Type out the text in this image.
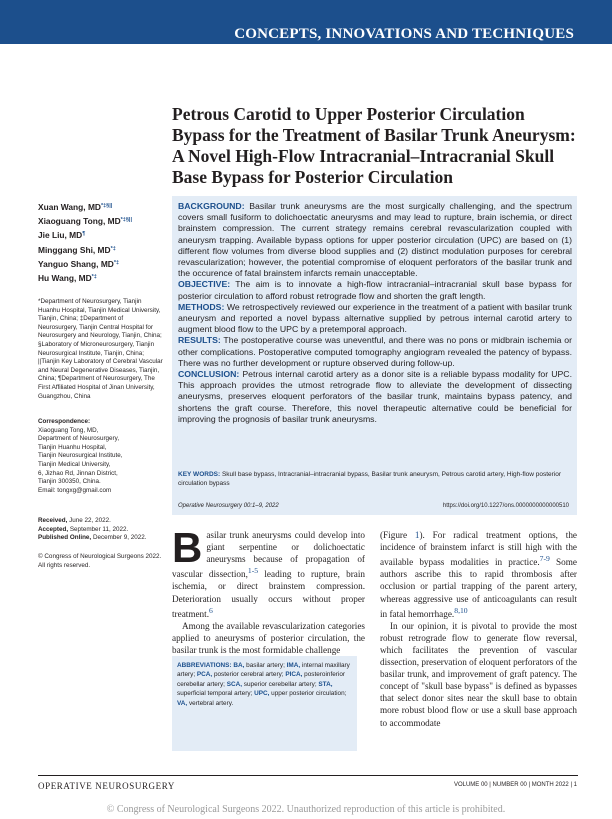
CONCEPTS, INNOVATIONS AND TECHNIQUES
Petrous Carotid to Upper Posterior Circulation Bypass for the Treatment of Basilar Trunk Aneurysm: A Novel High-Flow Intracranial–Intracranial Skull Base Bypass for Posterior Circulation
Xuan Wang, MD*‡§||
Xiaoguang Tong, MD*‡§||
Jie Liu, MD¶
Minggang Shi, MD*‡
Yanguo Shang, MD*‡
Hu Wang, MD*‡
*Department of Neurosurgery, Tianjin Huanhu Hospital, Tianjin Medical University, Tianjin, China; ‡Department of Neurosurgery, Tianjin Central Hospital for Neurosurgery and Neurology, Tianjin, China; §Laboratory of Microneurosurgery, Tianjin Neurosurgical Institute, Tianjin, China; ||Tianjin Key Laboratory of Cerebral Vascular and Neural Degenerative Diseases, Tianjin, China; ¶Department of Neurosurgery, The First Affiliated Hospital of Jinan University, Guangzhou, China
Correspondence:
Xiaoguang Tong, MD,
Department of Neurosurgery,
Tianjin Huanhu Hospital,
Tianjin Neurosurgical Institute,
Tianjin Medical University,
6, Jizhao Rd, Jinnan District,
Tianjin 300350, China.
Email: tongxg@gmail.com
Received, June 22, 2022.
Accepted, September 11, 2022.
Published Online, December 9, 2022.
© Congress of Neurological Surgeons 2022. All rights reserved.
BACKGROUND: Basilar trunk aneurysms are the most surgically challenging, and the spectrum covers small fusiform to dolichoectatic aneurysms and may lead to rupture, brain ischemia, or direct brainstem compression. The current strategy remains cerebral revascularization coupled with aneurysm trapping. Available bypass options for upper posterior circulation (UPC) are based on (1) different flow volumes from diverse blood supplies and (2) distinct modulation purposes for cerebral revascularization; however, the potential compromise of eloquent perforators of the basilar trunk and the occurence of fatal brainstem infarcts remain unacceptable.
OBJECTIVE: The aim is to innovate a high-flow intracranial–intracranial skull base bypass for posterior circulation to afford robust retrograde flow and shorten the graft length.
METHODS: We retrospectively reviewed our experience in the treatment of a patient with basilar trunk aneurysm and reported a novel bypass alternative supplied by petrous internal carotid artery to augment blood flow to the UPC by a pretemporal approach.
RESULTS: The postoperative course was uneventful, and there was no pons or midbrain ischemia or other complications. Postoperative computed tomography angiogram revealed the patency of bypass. There was no further development or rupture observed during follow-up.
CONCLUSION: Petrous internal carotid artery as a donor site is a reliable bypass modality for UPC. This approach provides the utmost retrograde flow to alleviate the development of dissecting aneurysms, preserves eloquent perforators of the basilar trunk, maintains bypass patency, and shortens the graft course. Therefore, this novel therapeutic alternative could be beneficial for improving the prognosis of basilar trunk aneurysms.
KEY WORDS: Skull base bypass, Intracranial–intracranial bypass, Basilar trunk aneurysm, Petrous carotid artery, High-flow posterior circulation bypass
Operative Neurosurgery 00:1–9, 2022	https://doi.org/10.1227/ons.0000000000000510

Basilar trunk aneurysms could develop into giant serpentine or dolichoectatic aneurysms because of propagation of vascular dissection,$^{1-5}$ leading to rupture, brain ischemia, or direct brainstem compression. Deterioration usually occurs without proper treatment.$^6$

Among the available revascularization categories applied to aneurysms of posterior circulation, the basilar trunk is the most formidable challenge

ABBREVIATIONS: BA, basilar artery; IMA, internal maxillary artery; PCA, posterior cerebral artery; PICA, posteroinferior cerebellar artery; SCA, superior cerebellar artery; STA, superficial temporal artery; UPC, upper posterior circulation; VA, vertebral artery.

(Figure 1). For radical treatment options, the incidence of brainstem infarct is still high with the available bypass modalities in practice.$^{7-9}$ Some authors ascribe this to rapid thrombosis after occlusion or partial trapping of the parent artery, whereas aggressive use of anticoagulants can result in fatal hemorrhage.$^{8,10}$

In our opinion, it is pivotal to provide the most robust retrograde flow to generate flow reversal, which facilitates the prevention of vascular dissection, preservation of eloquent perforators of the basilar trunk, and improvement of graft patency. The concept of "skull base bypass" is defined as bypasses that select donor sites near the skull base to obtain more robust blood flow or use a skull base approach to accommodate

OPERATIVE NEUROSURGERY	VOLUME 00 | NUMBER 00 | MONTH 2022 | 1
© Congress of Neurological Surgeons 2022. Unauthorized reproduction of this article is prohibited.
